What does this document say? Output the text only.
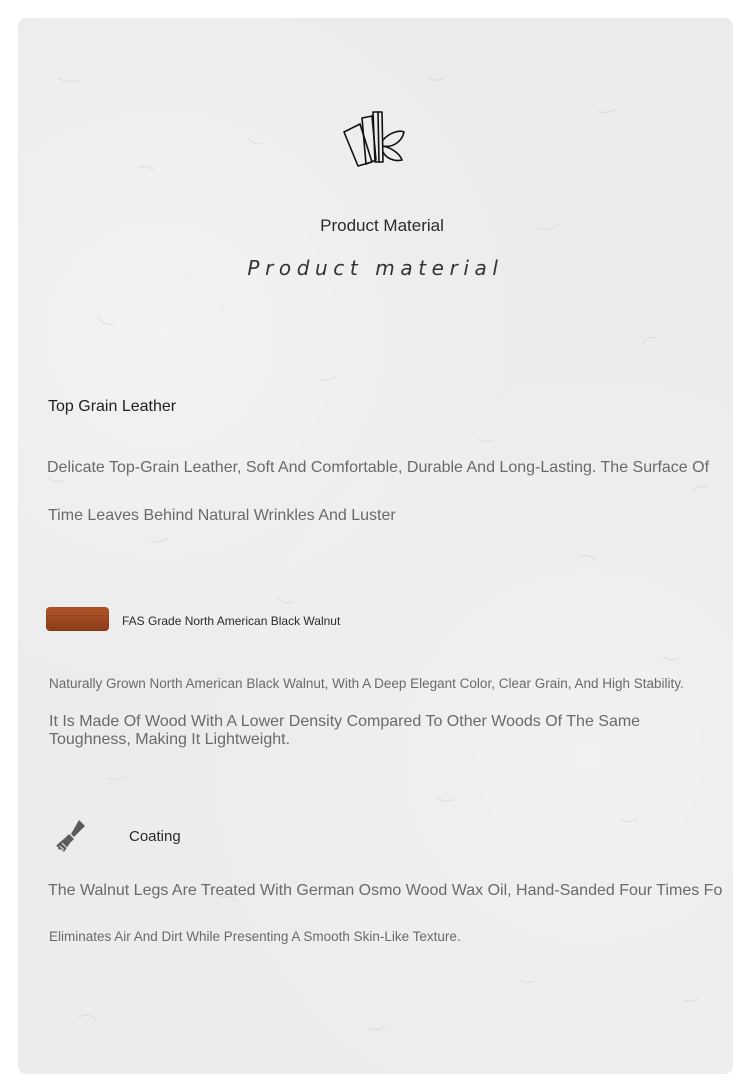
Product Material
Product material
Top Grain Leather
Delicate Top-Grain Leather, Soft And Comfortable, Durable And Long-Lasting. The Surface Of
Time Leaves Behind Natural Wrinkles And Luster
FAS Grade North American Black Walnut
Naturally Grown North American Black Walnut, With A Deep Elegant Color, Clear Grain, And High Stability.
It Is Made Of Wood With A Lower Density Compared To Other Woods Of The Same Toughness, Making It Lightweight.
Coating
The Walnut Legs Are Treated With German Osmo Wood Wax Oil, Hand-Sanded Four Times Fo
Eliminates Air And Dirt While Presenting A Smooth Skin-Like Texture.
